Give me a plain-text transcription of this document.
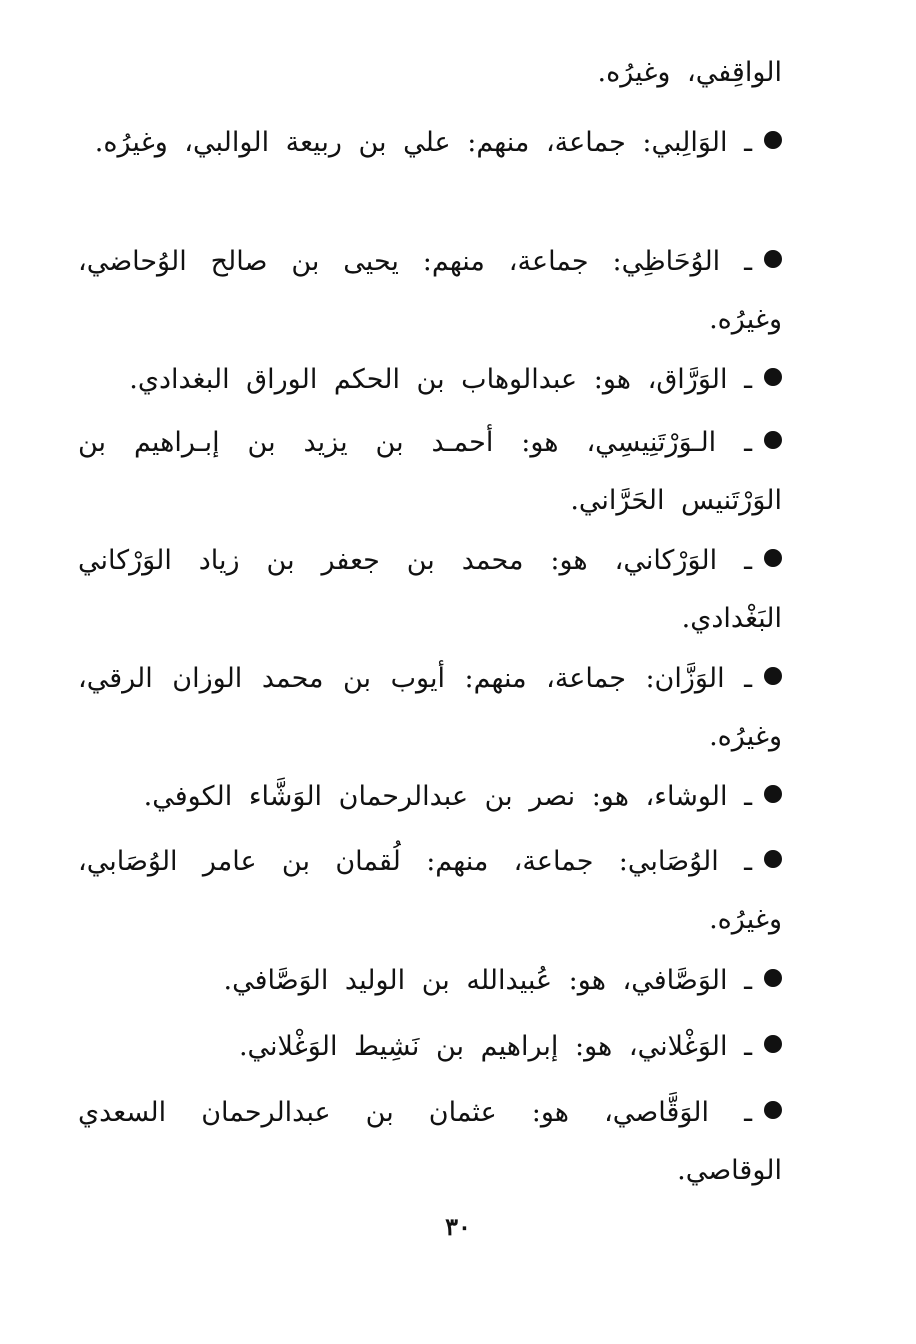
الواقِفي، وغيرُه.
ـ الوَالِبي: جماعة، منهم: علي بن ربيعة الوالبي، وغيرُه.
ـ الوُحَاظِي: جماعة، منهم: يحيى بن صالح الوُحاضي، وغيرُه.
ـ الوَرَّاق، هو: عبدالوهاب بن الحكم الوراق البغدادي.
ـ الـوَرْتَنِيسِي، هو: أحمـد بن يزيد بن إبـراهيم بن الوَرْتَنيس الحَرَّاني.
ـ الوَرْكاني، هو: محمد بن جعفر بن زياد الوَرْكاني البَغْدادي.
ـ الوَزَّان: جماعة، منهم: أيوب بن محمد الوزان الرقي، وغيرُه.
ـ الوشاء، هو: نصر بن عبدالرحمان الوَشَّاء الكوفي.
ـ الوُصَابي: جماعة، منهم: لُقمان بن عامر الوُصَابي، وغيرُه.
ـ الوَصَّافي، هو: عُبيدالله بن الوليد الوَصَّافي.
ـ الوَغْلاني، هو: إبراهيم بن نَشِيط الوَغْلاني.
ـ الوَقَّاصي، هو: عثمان بن عبدالرحمان السعدي الوقاصي.
٣٠
